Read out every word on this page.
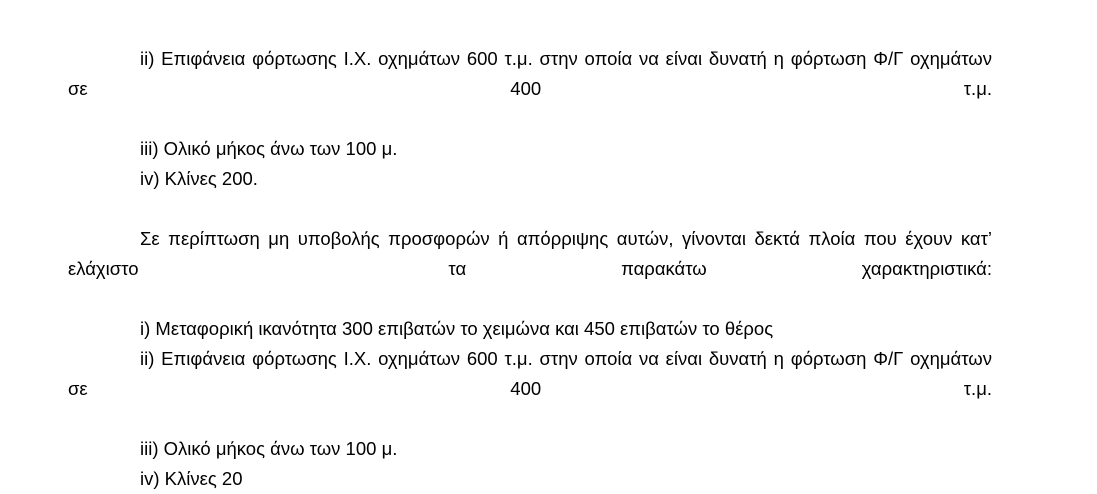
ii) Επιφάνεια φόρτωσης Ι.Χ. οχημάτων 600 τ.μ. στην οποία να είναι δυνατή η φόρτωση Φ/Γ οχημάτων σε 400 τ.μ.

iii) Ολικό μήκος άνω των 100 μ.

iv) Κλίνες 200.

Σε περίπτωση μη υποβολής προσφορών ή απόρριψης αυτών, γίνονται δεκτά πλοία που έχουν κατ’ ελάχιστο  τα παρακάτω χαρακτηριστικά:

i) Μεταφορική ικανότητα 300 επιβατών το χειμώνα και 450 επιβατών το θέρος

ii) Επιφάνεια φόρτωσης Ι.Χ. οχημάτων 600 τ.μ. στην οποία να είναι δυνατή η φόρτωση Φ/Γ οχημάτων σε 400 τ.μ.

iii) Ολικό μήκος άνω των 100 μ.

iv) Κλίνες 20
